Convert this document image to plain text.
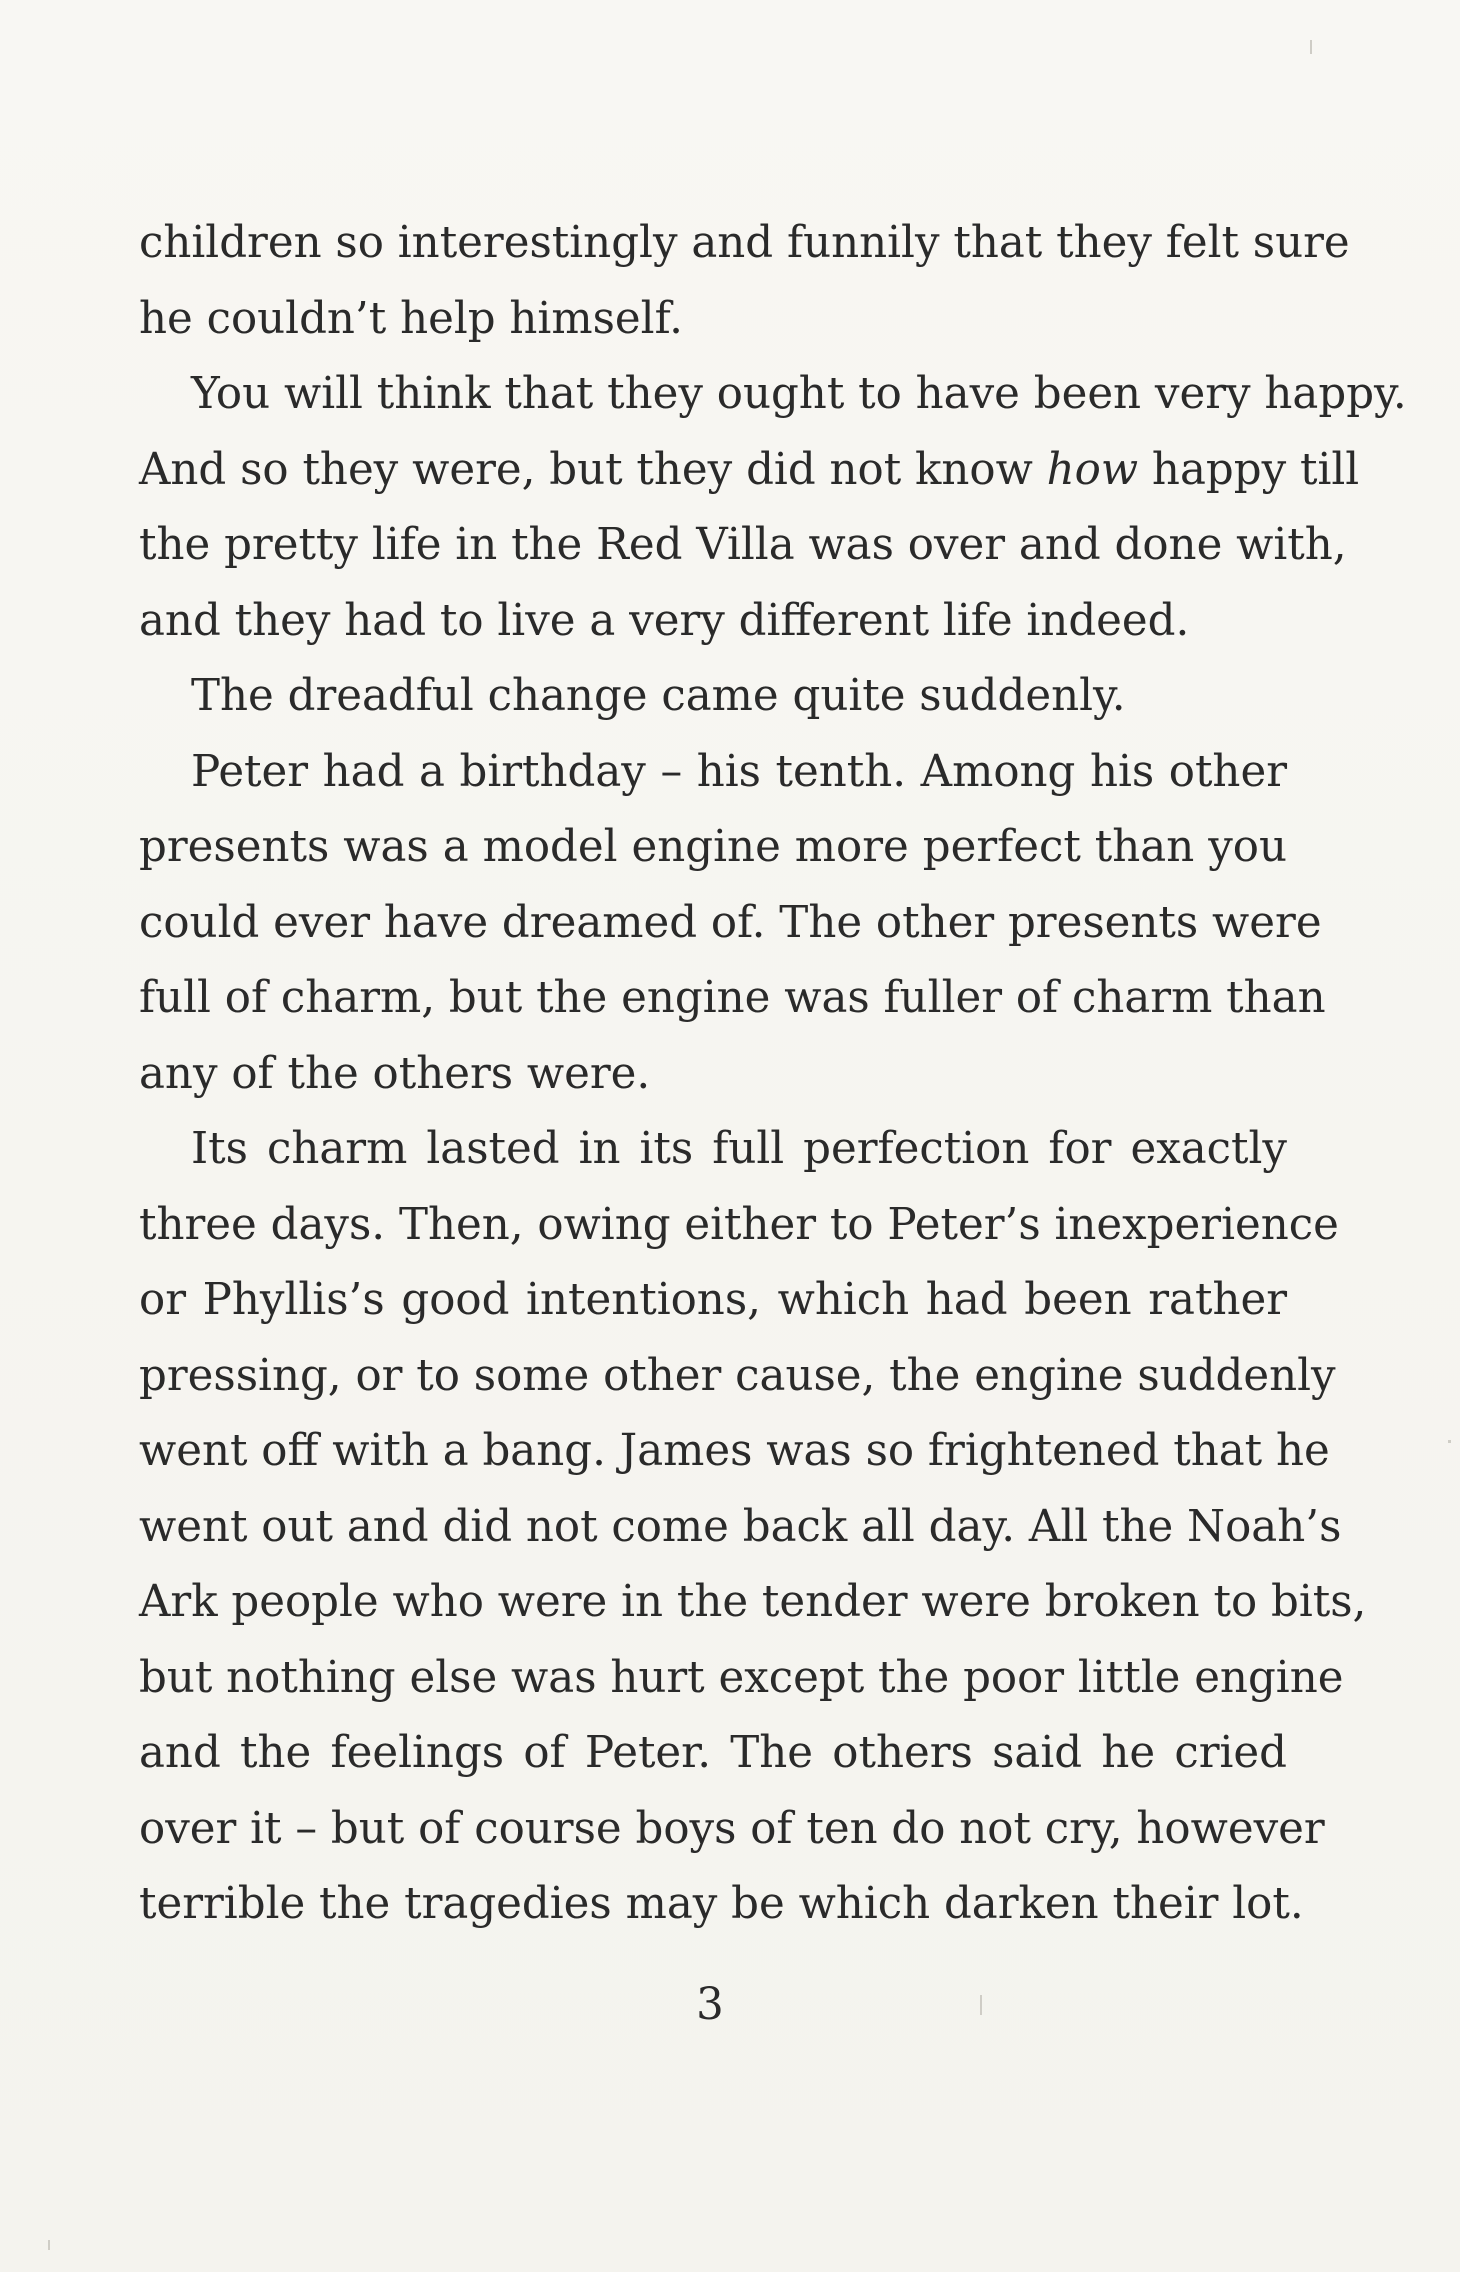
children so interestingly and funnily that they felt sure
he couldn’t help himself.
You will think that they ought to have been very happy.
And so they were, but they did not know how happy till
the pretty life in the Red Villa was over and done with,
and they had to live a very different life indeed.
The dreadful change came quite suddenly.
Peter had a birthday – his tenth. Among his other
presents was a model engine more perfect than you
could ever have dreamed of. The other presents were
full of charm, but the engine was fuller of charm than
any of the others were.
Its charm lasted in its full perfection for exactly
three days. Then, owing either to Peter’s inexperience
or Phyllis’s good intentions, which had been rather
pressing, or to some other cause, the engine suddenly
went off with a bang. James was so frightened that he
went out and did not come back all day. All the Noah’s
Ark people who were in the tender were broken to bits,
but nothing else was hurt except the poor little engine
and the feelings of Peter. The others said he cried
over it – but of course boys of ten do not cry, however
terrible the tragedies may be which darken their lot.
3
